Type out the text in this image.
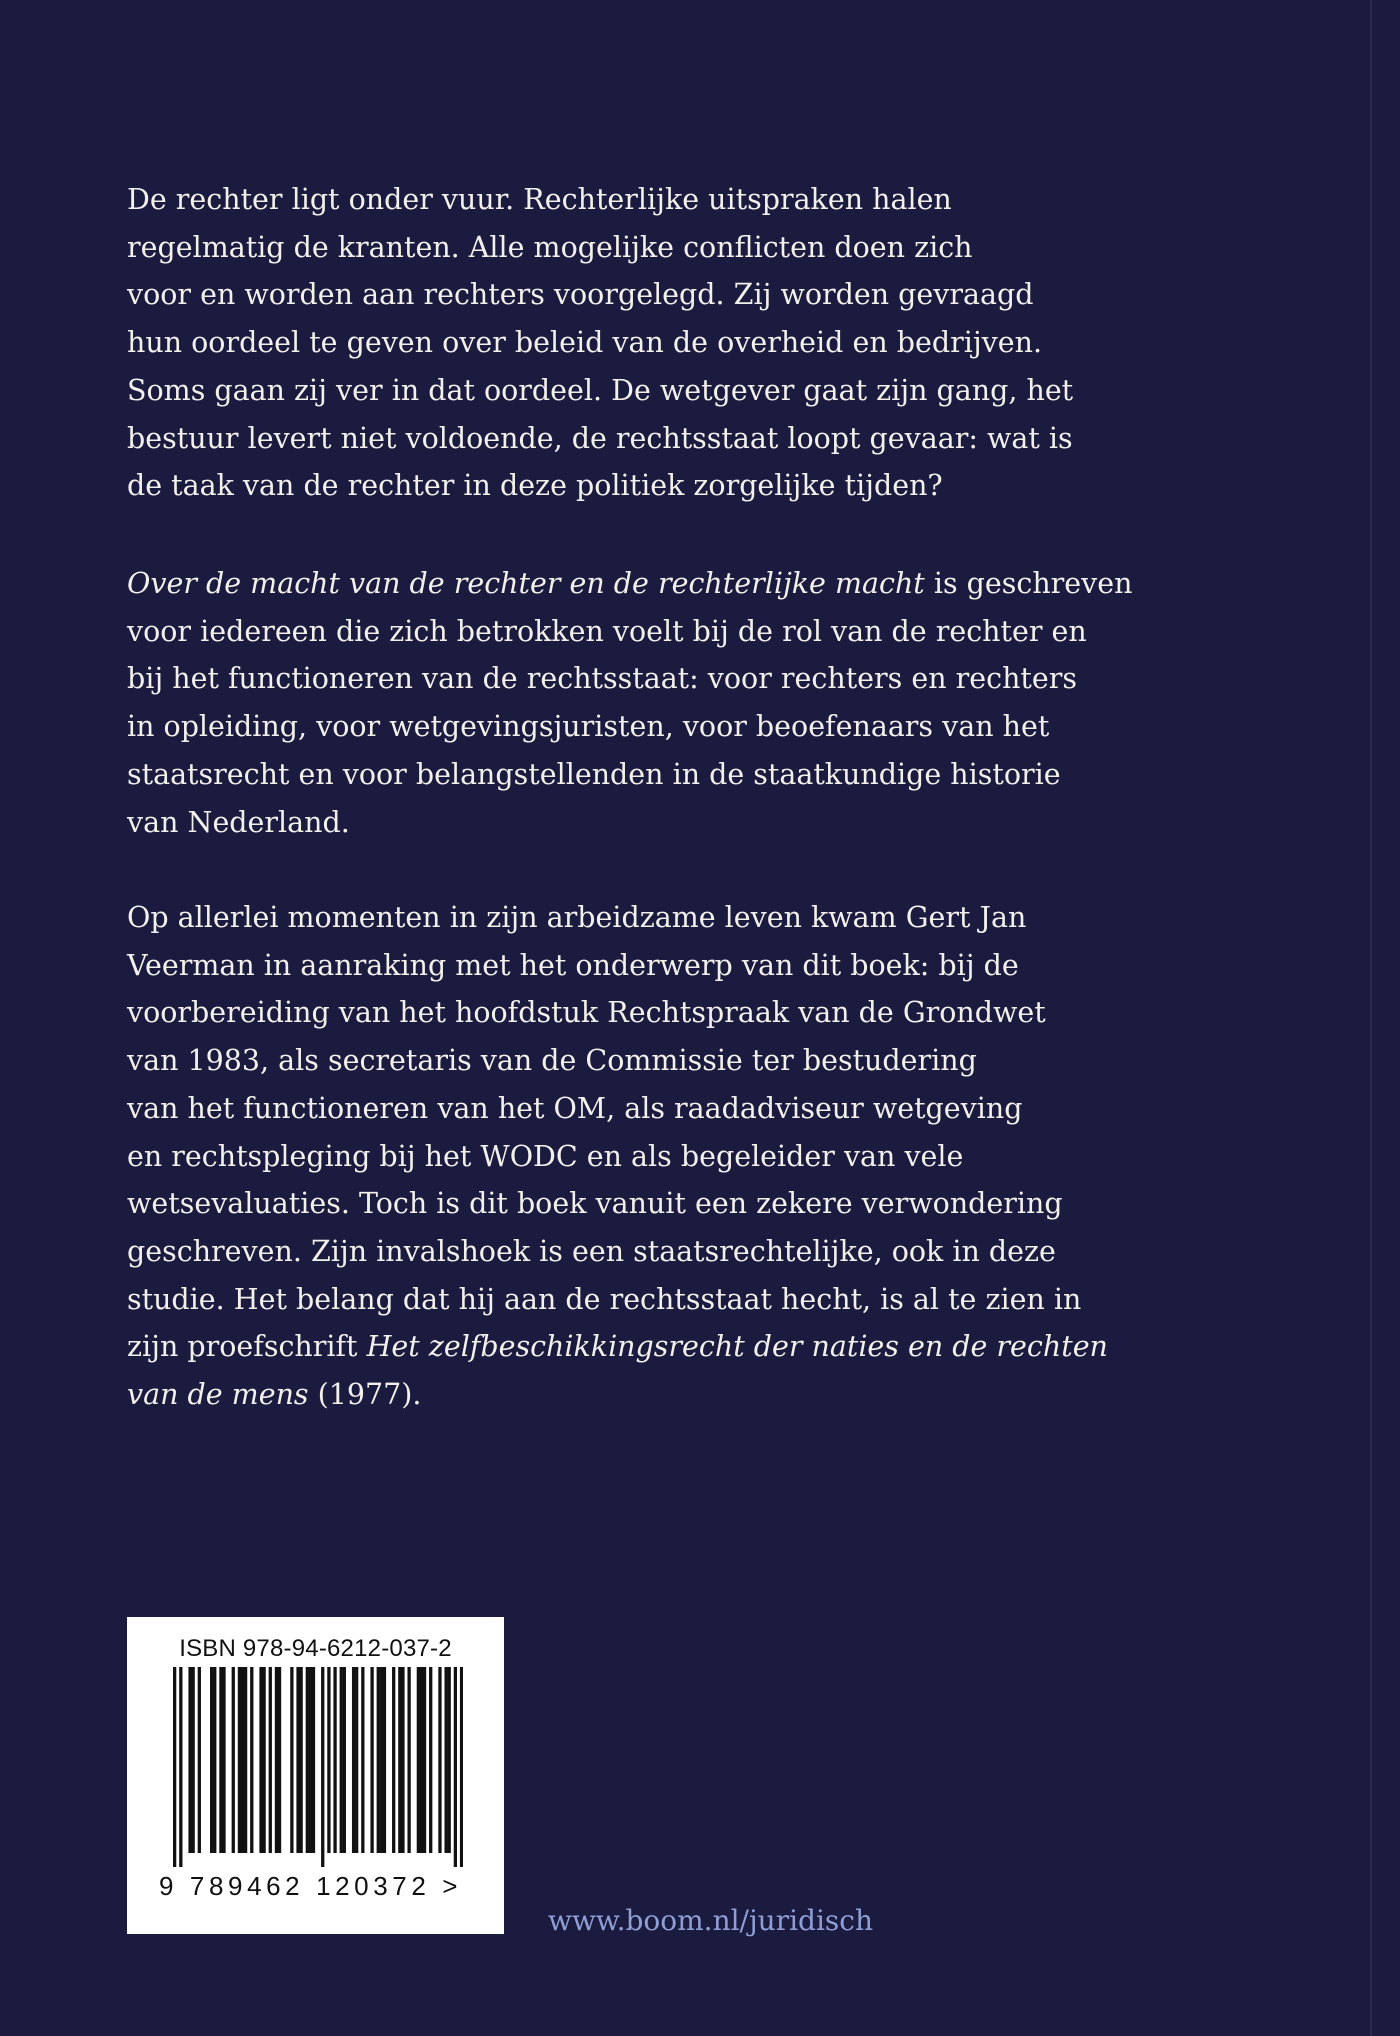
De rechter ligt onder vuur. Rechterlijke uitspraken halen
regelmatig de kranten. Alle mogelijke conflicten doen zich
voor en worden aan rechters voorgelegd. Zij worden gevraagd
hun oordeel te geven over beleid van de overheid en bedrijven.
Soms gaan zij ver in dat oordeel. De wetgever gaat zijn gang, het
bestuur levert niet voldoende, de rechtsstaat loopt gevaar: wat is
de taak van de rechter in deze politiek zorgelijke tijden?
Over de macht van de rechter en de rechterlijke macht is geschreven
voor iedereen die zich betrokken voelt bij de rol van de rechter en
bij het functioneren van de rechtsstaat: voor rechters en rechters
in opleiding, voor wetgevingsjuristen, voor beoefenaars van het
staatsrecht en voor belangstellenden in de staatkundige historie
van Nederland.
Op allerlei momenten in zijn arbeidzame leven kwam Gert Jan
Veerman in aanraking met het onderwerp van dit boek: bij de
voorbereiding van het hoofdstuk Rechtspraak van de Grondwet
van 1983, als secretaris van de Commissie ter bestudering
van het functioneren van het OM, als raadadviseur wetgeving
en rechtspleging bij het WODC en als begeleider van vele
wetsevaluaties. Toch is dit boek vanuit een zekere verwondering
geschreven. Zijn invalshoek is een staatsrechtelijke, ook in deze
studie. Het belang dat hij aan de rechtsstaat hecht, is al te zien in
zijn proefschrift Het zelfbeschikkingsrecht der naties en de rechten
van de mens (1977).
ISBN 978-94-6212-037-2
9 789462 120372 >
www.boom.nl/juridisch
